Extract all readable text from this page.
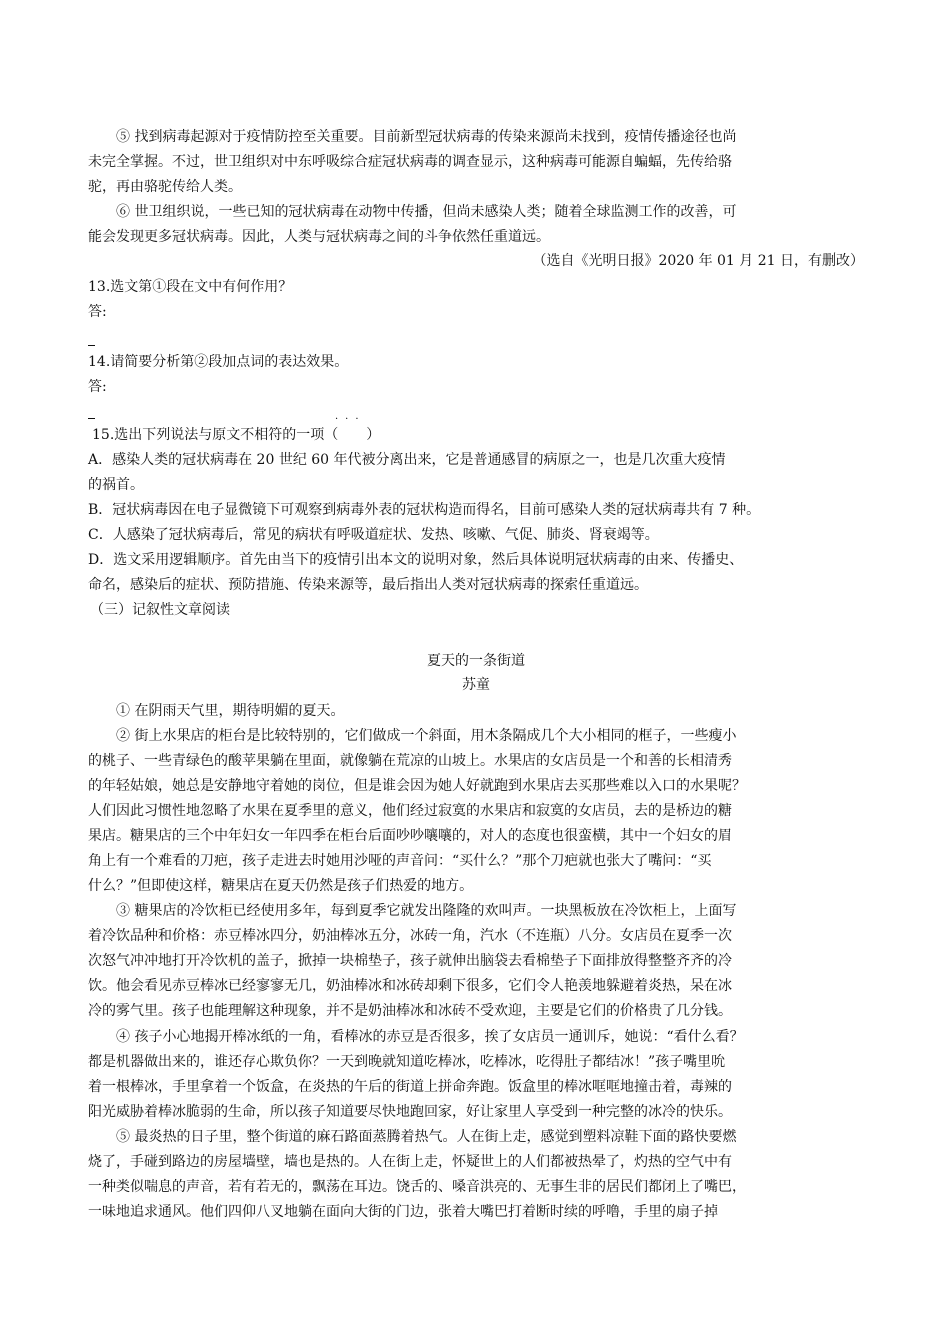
⑤ 找到病毒起源对于疫情防控至关重要。目前新型冠状病毒的传染来源尚未找到，疫情传播途径也尚
未完全掌握。不过，世卫组织对中东呼吸综合症冠状病毒的调查显示，这种病毒可能源自蝙蝠，先传给骆
驼，再由骆驼传给人类。
⑥ 世卫组织说，一些已知的冠状病毒在动物中传播，但尚未感染人类；随着全球监测工作的改善，可
能会发现更多冠状病毒。因此，人类与冠状病毒之间的斗争依然任重道远。
（选自《光明日报》2020 年 01 月 21 日，有删改）
13.选文第①段在文中有何作用？
答:
14.请简要分析第②段加点词的表达效果。
答:
15.选出下列说法与原文不相符的一项（　　）
···
A．感染人类的冠状病毒在 20 世纪 60 年代被分离出来，它是普通感冒的病原之一，也是几次重大疫情
的祸首。
B．冠状病毒因在电子显微镜下可观察到病毒外表的冠状构造而得名，目前可感染人类的冠状病毒共有 7 种。
C．人感染了冠状病毒后，常见的病状有呼吸道症状、发热、咳嗽、气促、肺炎、肾衰竭等。
D．选文采用逻辑顺序。首先由当下的疫情引出本文的说明对象，然后具体说明冠状病毒的由来、传播史、
命名，感染后的症状、预防措施、传染来源等，最后指出人类对冠状病毒的探索任重道远。
（三）记叙性文章阅读
夏天的一条街道
苏童
① 在阴雨天气里，期待明媚的夏天。
② 街上水果店的柜台是比较特别的，它们做成一个斜面，用木条隔成几个大小相同的框子，一些瘦小
的桃子、一些青绿色的酸苹果躺在里面，就像躺在荒凉的山坡上。水果店的女店员是一个和善的长相清秀
的年轻姑娘，她总是安静地守着她的岗位，但是谁会因为她人好就跑到水果店去买那些难以入口的水果呢？
人们因此习惯性地忽略了水果在夏季里的意义，他们经过寂寞的水果店和寂寞的女店员，去的是桥边的糖
果店。糖果店的三个中年妇女一年四季在柜台后面吵吵嚷嚷的，对人的态度也很蛮横，其中一个妇女的眉
角上有一个难看的刀疤，孩子走进去时她用沙哑的声音问：“买什么？”那个刀疤就也张大了嘴问：“买
什么？”但即使这样，糖果店在夏天仍然是孩子们热爱的地方。
③ 糖果店的冷饮柜已经使用多年，每到夏季它就发出隆隆的欢叫声。一块黑板放在冷饮柜上，上面写
着冷饮品种和价格：赤豆棒冰四分，奶油棒冰五分，冰砖一角，汽水（不连瓶）八分。女店员在夏季一次
次怒气冲冲地打开冷饮机的盖子，掀掉一块棉垫子，孩子就伸出脑袋去看棉垫子下面排放得整整齐齐的冷
饮。他会看见赤豆棒冰已经寥寥无几，奶油棒冰和冰砖却剩下很多，它们令人艳羡地躲避着炎热，呆在冰
冷的雾气里。孩子也能理解这种现象，并不是奶油棒冰和冰砖不受欢迎，主要是它们的价格贵了几分钱。
④ 孩子小心地揭开棒冰纸的一角，看棒冰的赤豆是否很多，挨了女店员一通训斥，她说：“看什么看？
都是机器做出来的，谁还存心欺负你？一天到晚就知道吃棒冰，吃棒冰，吃得肚子都结冰！”孩子嘴里吮
着一根棒冰，手里拿着一个饭盒，在炎热的午后的街道上拼命奔跑。饭盒里的棒冰哐哐地撞击着，毒辣的
阳光威胁着棒冰脆弱的生命，所以孩子知道要尽快地跑回家，好让家里人享受到一种完整的冰冷的快乐。
⑤ 最炎热的日子里，整个街道的麻石路面蒸腾着热气。人在街上走，感觉到塑料凉鞋下面的路快要燃
烧了，手碰到路边的房屋墙壁，墙也是热的。人在街上走，怀疑世上的人们都被热晕了，灼热的空气中有
一种类似喘息的声音，若有若无的，飘荡在耳边。饶舌的、嗓音洪亮的、无事生非的居民们都闭上了嘴巴，
一味地追求通风。他们四仰八叉地躺在面向大街的门边，张着大嘴巴打着断时续的呼噜，手里的扇子掉
